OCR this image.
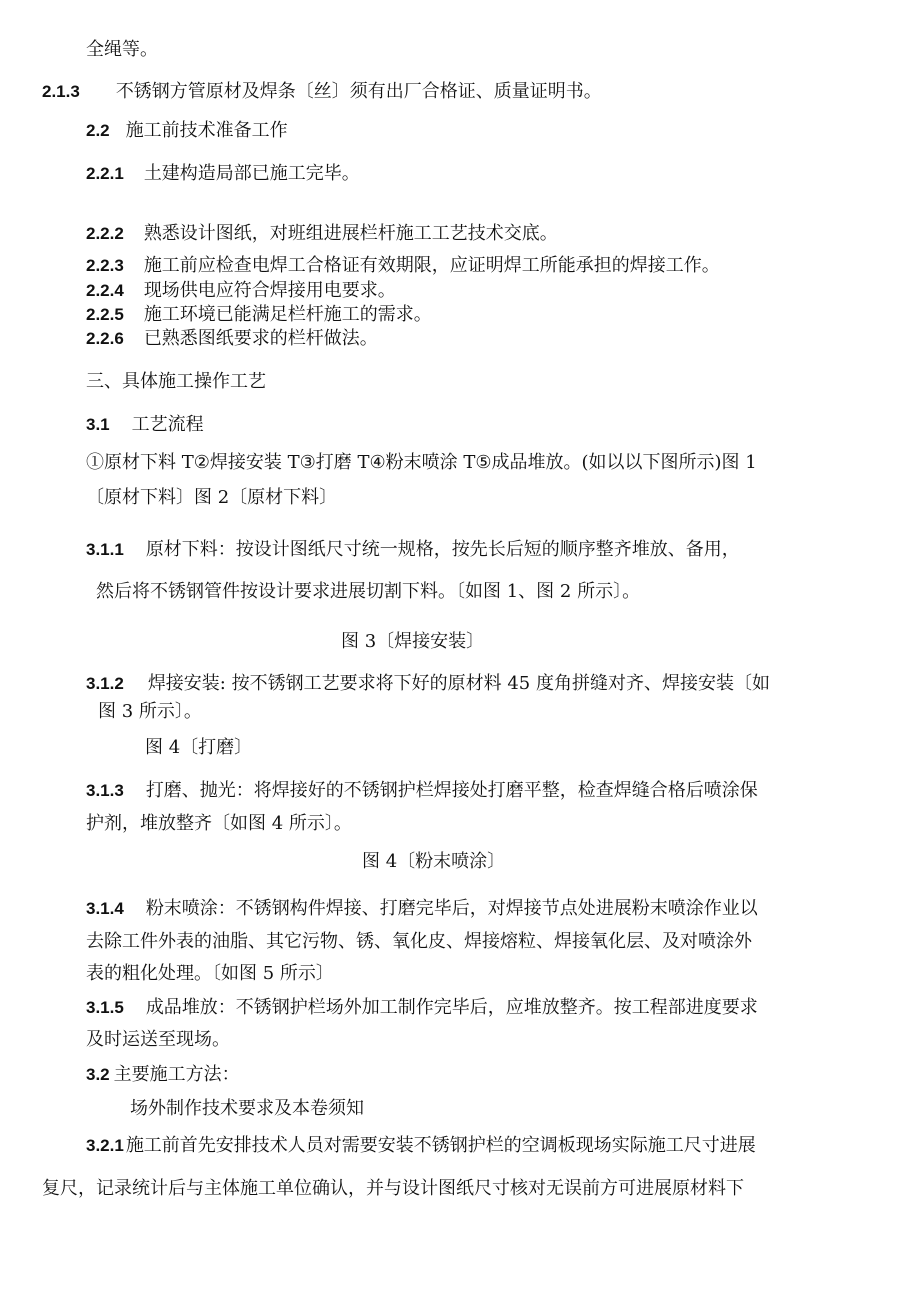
全绳等。
2.1.3 不锈钢方管原材及焊条〔丝〕须有出厂合格证、质量证明书。
2.2 施工前技术准备工作
2.2.1 土建构造局部已施工完毕。
2.2.2 熟悉设计图纸，对班组进展栏杆施工工艺技术交底。
2.2.3 施工前应检查电焊工合格证有效期限，应证明焊工所能承担的焊接工作。
2.2.4 现场供电应符合焊接用电要求。
2.2.5 施工环境已能满足栏杆施工的需求。
2.2.6 已熟悉图纸要求的栏杆做法。
三、具体施工操作工艺
3.1 工艺流程
①原材下料 T②焊接安装 T③打磨 T④粉末喷涂 T⑤成品堆放。(如以以下图所示)图 1
〔原材下料〕图 2〔原材下料〕
3.1.1 原材下料：按设计图纸尺寸统一规格，按先长后短的顺序整齐堆放、备用，
然后将不锈钢管件按设计要求进展切割下料。〔如图 1、图 2 所示〕。
图 3〔焊接安装〕
3.1.2 焊接安装: 按不锈钢工艺要求将下好的原材料 45 度角拼缝对齐、焊接安装〔如
图 3 所示〕。
图 4〔打磨〕
3.1.3 打磨、抛光：将焊接好的不锈钢护栏焊接处打磨平整，检查焊缝合格后喷涂保
护剂，堆放整齐〔如图 4 所示〕。
图 4〔粉末喷涂〕
3.1.4 粉末喷涂：不锈钢构件焊接、打磨完毕后，对焊接节点处进展粉末喷涂作业以
去除工件外表的油脂、其它污物、锈、氧化皮、焊接熔粒、焊接氧化层、及对喷涂外
表的粗化处理。〔如图 5 所示〕
3.1.5 成品堆放：不锈钢护栏场外加工制作完毕后，应堆放整齐。按工程部进度要求
及时运送至现场。
3.2 主要施工方法：
场外制作技术要求及本卷须知
3.2.1 施工前首先安排技术人员对需要安装不锈钢护栏的空调板现场实际施工尺寸进展
复尺，记录统计后与主体施工单位确认，并与设计图纸尺寸核对无误前方可进展原材料下
